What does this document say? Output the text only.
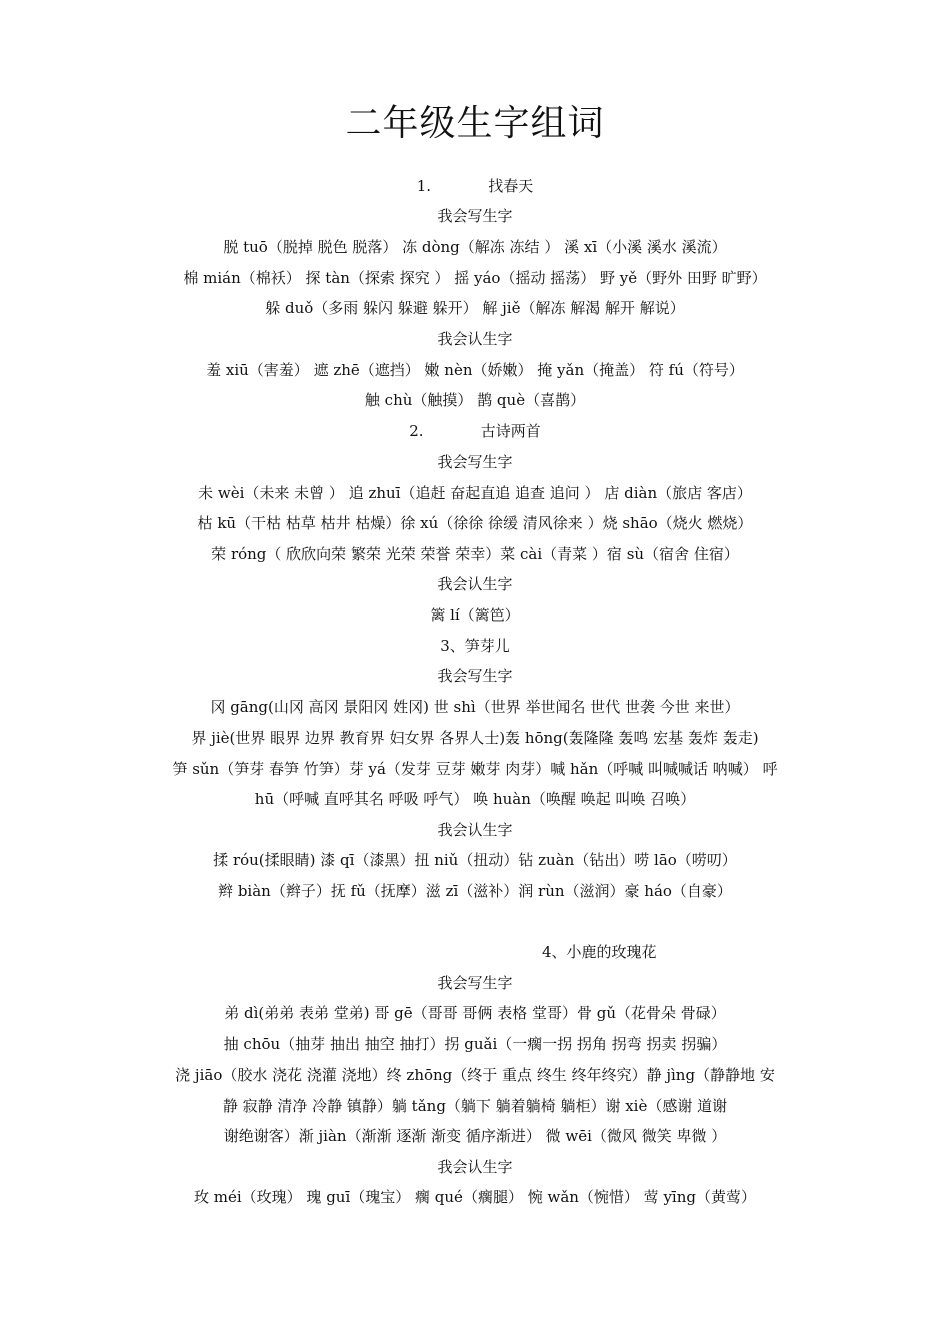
二年级生字组词
1.            找春天
我会写生字
脱 tuō（脱掉 脱色 脱落） 冻 dòng（解冻 冻结 ） 溪 xī（小溪 溪水 溪流）
棉 mián（棉袄） 探 tàn（探索 探究 ） 摇 yáo（摇动 摇荡） 野 yě（野外 田野 旷野）
躲 duǒ（多雨 躲闪 躲避 躲开） 解 jiě（解冻 解渴 解开 解说）
我会认生字
羞 xiū（害羞） 遮 zhē（遮挡） 嫩 nèn（娇嫩） 掩 yǎn（掩盖） 符 fú（符号）
触 chù（触摸） 鹊 què（喜鹊）
2.            古诗两首
我会写生字
未 wèi（未来 未曾 ） 追 zhuī（追赶 奋起直追 追查 追问 ） 店 diàn（旅店 客店）
枯 kū（干枯 枯草 枯井 枯燥）徐 xú（徐徐 徐缓 清风徐来 ）烧 shāo（烧火 燃烧）
荣 róng（ 欣欣向荣 繁荣 光荣 荣誉 荣幸）菜 cài（青菜 ）宿 sù（宿舍 住宿）
我会认生字
篱 lí（篱笆）
3、笋芽儿
我会写生字
冈 gāng(山冈 高冈 景阳冈 姓冈) 世 shì（世界 举世闻名 世代 世袭 今世 来世）
界 jiè(世界 眼界 边界 教育界 妇女界 各界人士)轰 hōng(轰隆隆 轰鸣 宏基 轰炸 轰走)
笋 sǔn（笋芽 春笋 竹笋）芽 yá（发芽 豆芽 嫩芽 肉芽）喊 hǎn（呼喊 叫喊喊话 呐喊） 呼
hū（呼喊 直呼其名 呼吸 呼气） 唤 huàn（唤醒 唤起 叫唤 召唤）
我会认生字
揉 róu(揉眼睛) 漆 qī（漆黑）扭 niǔ（扭动）钻 zuàn（钻出）唠 lāo（唠叨）
辫 biàn（辫子）抚 fǔ（抚摩）滋 zī（滋补）润 rùn（滋润）豪 háo（自豪）
4、小鹿的玫瑰花
我会写生字
弟 dì(弟弟 表弟 堂弟) 哥 gē（哥哥 哥俩 表格 堂哥）骨 gǔ（花骨朵 骨碌）
抽 chōu（抽芽 抽出 抽空 抽打）拐 guǎi（一瘸一拐 拐角 拐弯 拐卖 拐骗）
浇 jiāo（胶水 浇花 浇灌 浇地）终 zhōng（终于 重点 终生 终年终究）静 jìng（静静地 安
静 寂静 清净 冷静 镇静）躺 tǎng（躺下 躺着躺椅 躺柜）谢 xiè（感谢 道谢
谢绝谢客）渐 jiàn（渐渐 逐渐 渐变 循序渐进） 微 wēi（微风 微笑 卑微 ）
我会认生字
玫 méi（玫瑰） 瑰 guī（瑰宝） 瘸 qué（瘸腿） 惋 wǎn（惋惜） 莺 yīng（黄莺）
